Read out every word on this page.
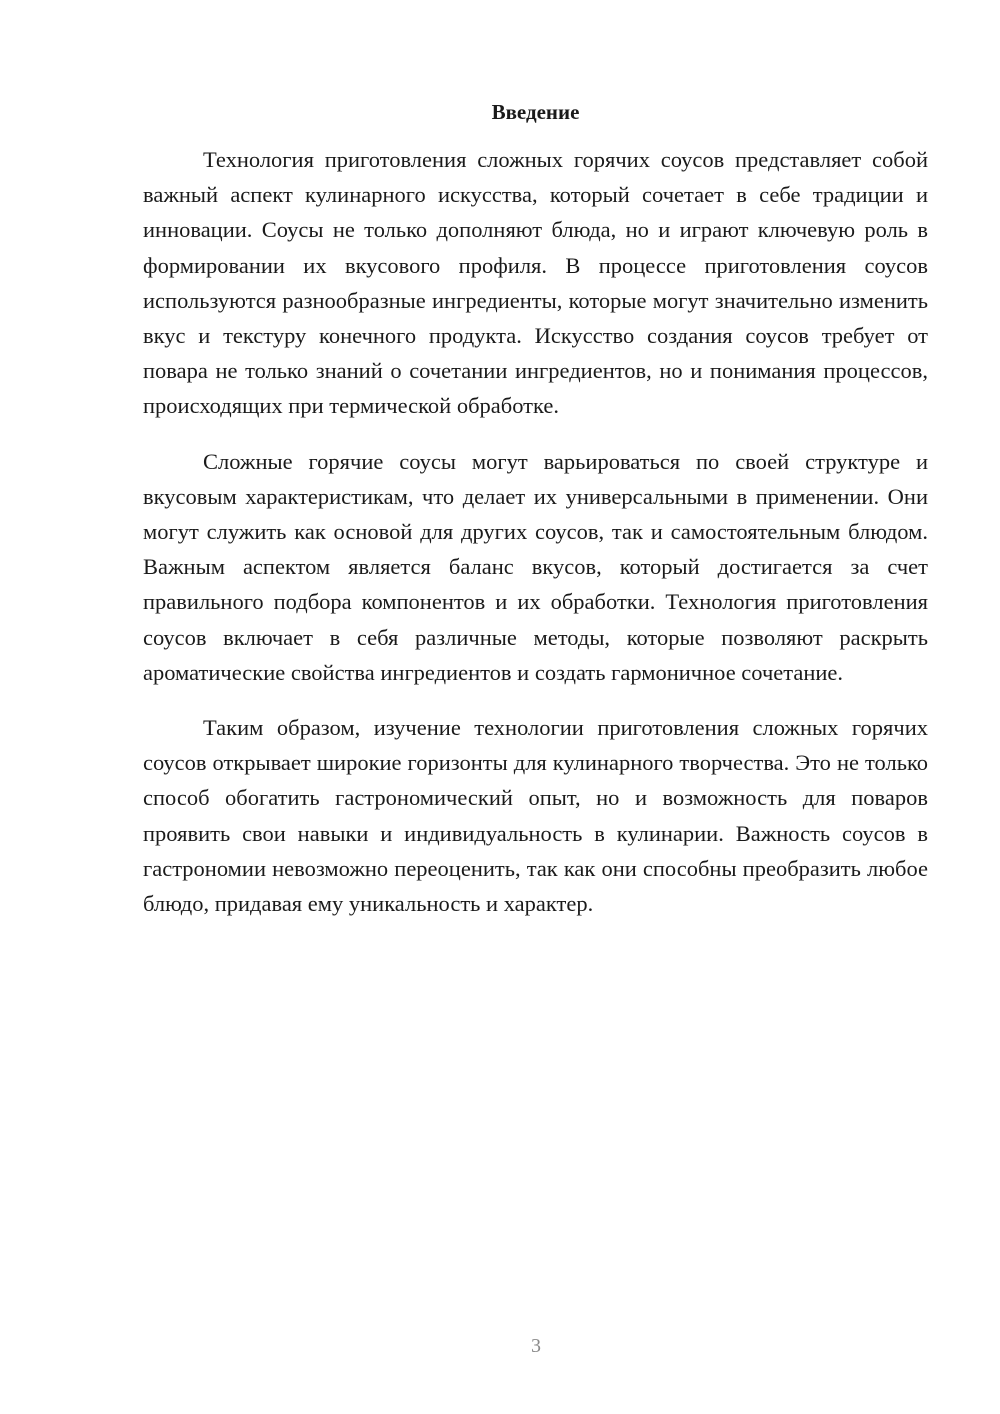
Введение

Технология приготовления сложных горячих соусов представляет собой важный аспект кулинарного искусства, который сочетает в себе традиции и инновации. Соусы не только дополняют блюда, но и играют ключевую роль в формировании их вкусового профиля. В процессе приготовления соусов используются разнообразные ингредиенты, которые могут значительно изменить вкус и текстуру конечного продукта. Искусство создания соусов требует от повара не только знаний о сочетании ингредиентов, но и понимания процессов, происходящих при термической обработке.

Сложные горячие соусы могут варьироваться по своей структуре и вкусовым характеристикам, что делает их универсальными в применении. Они могут служить как основой для других соусов, так и самостоятельным блюдом. Важным аспектом является баланс вкусов, который достигается за счет правильного подбора компонентов и их обработки. Технология приготовления соусов включает в себя различные методы, которые позволяют раскрыть ароматические свойства ингредиентов и создать гармоничное сочетание.

Таким образом, изучение технологии приготовления сложных горячих соусов открывает широкие горизонты для кулинарного творчества. Это не только способ обогатить гастрономический опыт, но и возможность для поваров проявить свои навыки и индивидуальность в кулинарии. Важность соусов в гастрономии невозможно переоценить, так как они способны преобразить любое блюдо, придавая ему уникальность и характер.

3
